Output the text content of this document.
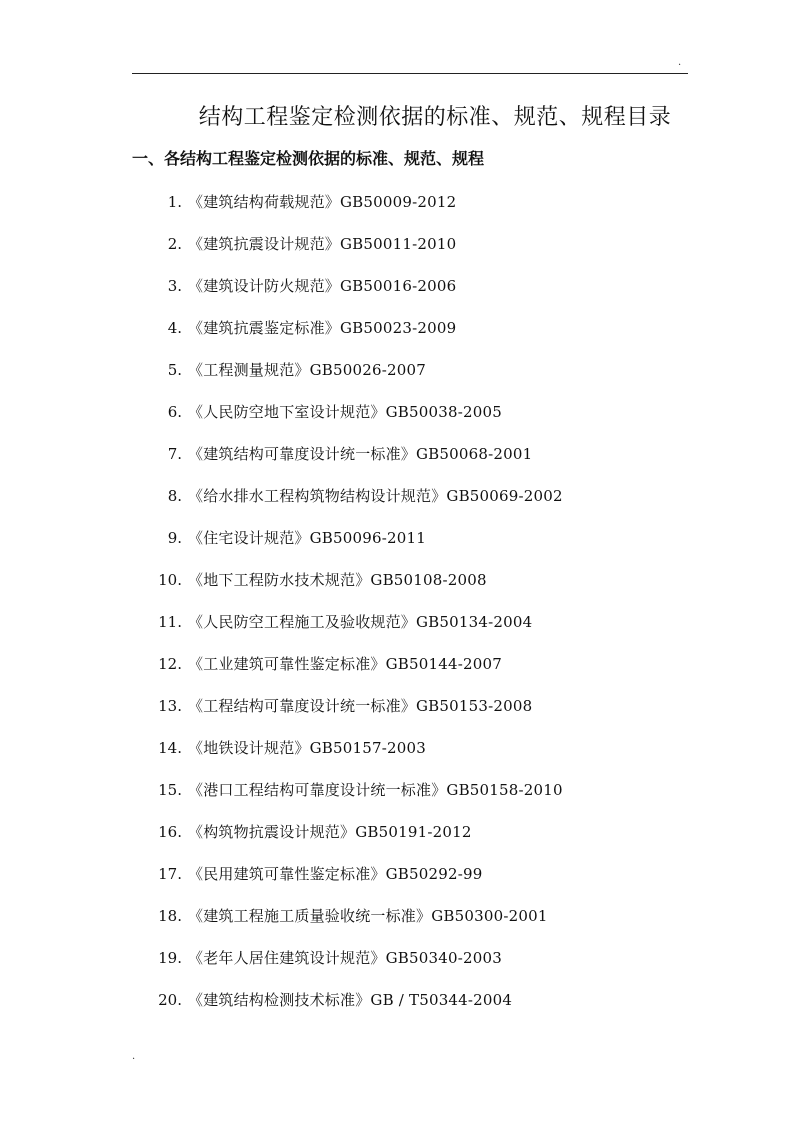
.
结构工程鉴定检测依据的标准、规范、规程目录
一、各结构工程鉴定检测依据的标准、规范、规程
1. 《建筑结构荷载规范》GB50009-2012
2. 《建筑抗震设计规范》GB50011-2010
3. 《建筑设计防火规范》GB50016-2006
4. 《建筑抗震鉴定标准》GB50023-2009
5. 《工程测量规范》GB50026-2007
6. 《人民防空地下室设计规范》GB50038-2005
7. 《建筑结构可靠度设计统一标准》GB50068-2001
8. 《给水排水工程构筑物结构设计规范》GB50069-2002
9. 《住宅设计规范》GB50096-2011
10. 《地下工程防水技术规范》GB50108-2008
11. 《人民防空工程施工及验收规范》GB50134-2004
12. 《工业建筑可靠性鉴定标准》GB50144-2007
13. 《工程结构可靠度设计统一标准》GB50153-2008
14. 《地铁设计规范》GB50157-2003
15. 《港口工程结构可靠度设计统一标准》GB50158-2010
16. 《构筑物抗震设计规范》GB50191-2012
17. 《民用建筑可靠性鉴定标准》GB50292-99
18. 《建筑工程施工质量验收统一标准》GB50300-2001
19. 《老年人居住建筑设计规范》GB50340-2003
20. 《建筑结构检测技术标准》GB / T50344-2004
.
